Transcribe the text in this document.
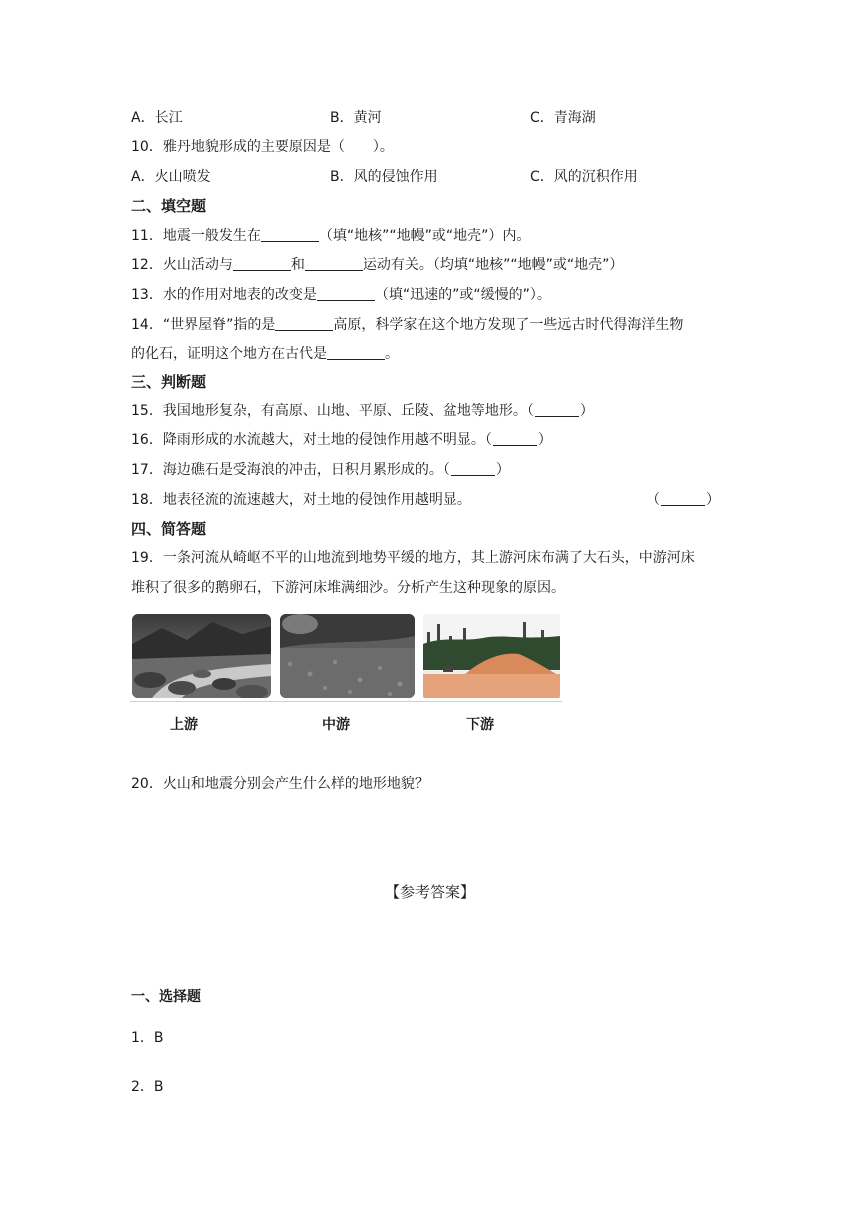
A．长江	B．黄河	C．青海湖
10．雅丹地貌形成的主要原因是（　　）。
A．火山喷发	B．风的侵蚀作用	C．风的沉积作用
二、填空题
11．地震一般发生在	（填“地核”“地幔”或“地壳”）内。
12．火山活动与	和	运动有关。（均填“地核”“地幔”或“地壳”）
13．水的作用对地表的改变是	（填“迅速的”或“缓慢的”）。
14．“世界屋脊”指的是	高原，科学家在这个地方发现了一些远古时代得海洋生物
的化石，证明这个地方在古代是	。
三、判断题
15．我国地形复杂，有高原、山地、平原、丘陵、盆地等地形。（	）
16．降雨形成的水流越大，对土地的侵蚀作用越不明显。（	）
17．海边礁石是受海浪的冲击，日积月累形成的。（	）
18．地表径流的流速越大，对土地的侵蚀作用越明显。	（	）
四、简答题
19．一条河流从崎岖不平的山地流到地势平缓的地方，其上游河床布满了大石头，中游河床
堆积了很多的鹅卵石，下游河床堆满细沙。分析产生这种现象的原因。
上游	中游	下游
20．火山和地震分别会产生什么样的地形地貌？
【参考答案】
一、选择题
1．B
2．B
